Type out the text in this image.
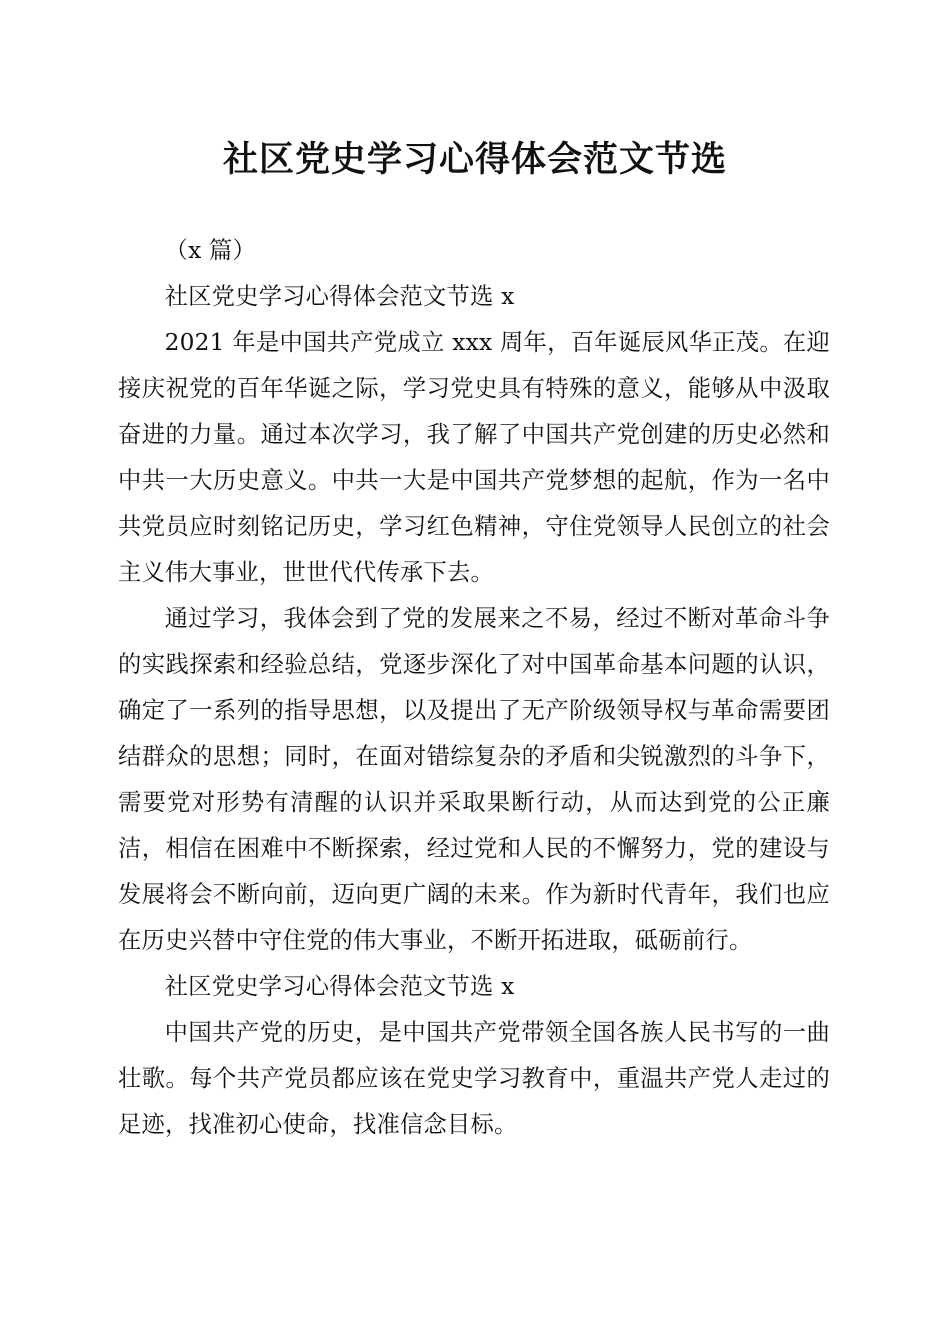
社区党史学习心得体会范文节选

（x 篇）

社区党史学习心得体会范文节选 x

2021 年是中国共产党成立 xxx 周年，百年诞辰风华正茂。在迎接庆祝党的百年华诞之际，学习党史具有特殊的意义，能够从中汲取奋进的力量。通过本次学习，我了解了中国共产党创建的历史必然和中共一大历史意义。中共一大是中国共产党梦想的起航，作为一名中共党员应时刻铭记历史，学习红色精神，守住党领导人民创立的社会主义伟大事业，世世代代传承下去。

通过学习，我体会到了党的发展来之不易，经过不断对革命斗争的实践探索和经验总结，党逐步深化了对中国革命基本问题的认识，确定了一系列的指导思想，以及提出了无产阶级领导权与革命需要团结群众的思想；同时，在面对错综复杂的矛盾和尖锐激烈的斗争下，需要党对形势有清醒的认识并采取果断行动，从而达到党的公正廉洁，相信在困难中不断探索，经过党和人民的不懈努力，党的建设与发展将会不断向前，迈向更广阔的未来。作为新时代青年，我们也应在历史兴替中守住党的伟大事业，不断开拓进取，砥砺前行。

社区党史学习心得体会范文节选 x

中国共产党的历史，是中国共产党带领全国各族人民书写的一曲壮歌。每个共产党员都应该在党史学习教育中，重温共产党人走过的足迹，找准初心使命，找准信念目标。
